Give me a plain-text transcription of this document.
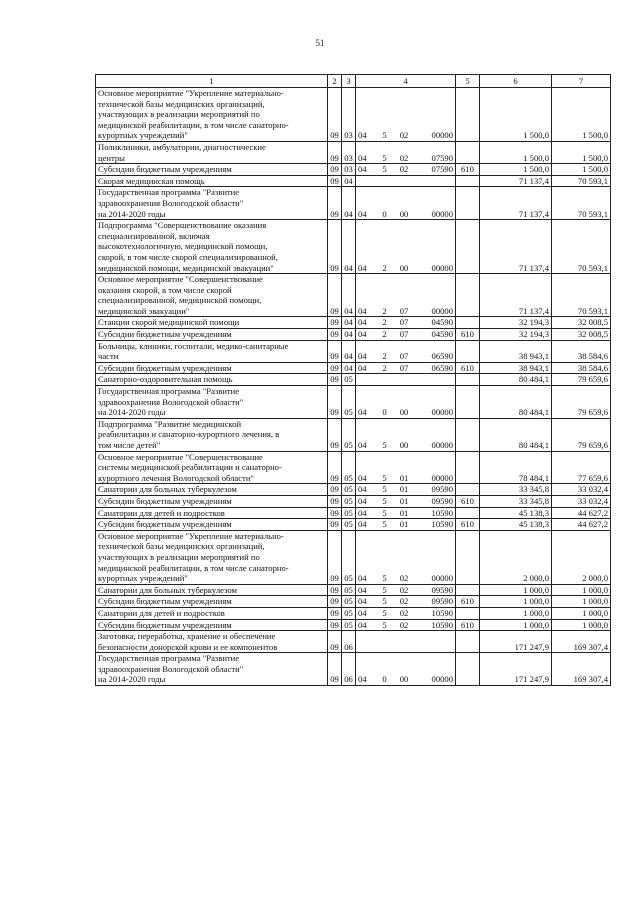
51
1	2	3	4	5	6	7
Основное мероприятие "Укрепление материально-
технической базы медицинских организаций,
участвующих в реализации мероприятий по
медицинской реабилитации, в том числе санаторно-
курортных учреждений"	09	03	04 5 02 00000		1 500,0	1 500,0
Поликлиники, амбулатории, диагностические
центры	09	03	04 5 02 07590		1 500,0	1 500,0
Субсидии бюджетным учреждениям	09	03	04 5 02 07590	610	1 500,0	1 500,0
Скорая медицинская помощь	09	04			71 137,4	70 593,1
Государственная программа "Развитие
здравоохранения Вологодской области"
на 2014-2020 годы	09	04	04 0 00 00000		71 137,4	70 593,1
Подпрограмма "Совершенствование оказания
специализированной, включая
высокотехнологичную, медицинской помощи,
скорой, в том числе скорой специализированной,
медицинской помощи, медицинской эвакуации"	09	04	04 2 00 00000		71 137,4	70 593,1
Основное мероприятие "Совершенствование
оказания скорой, в том числе скорой
специализированной, медицинской помощи,
медицинской эвакуации"	09	04	04 2 07 00000		71 137,4	70 593,1
Станции скорой медицинской помощи	09	04	04 2 07 04590		32 194,3	32 008,5
Субсидии бюджетным учреждениям	09	04	04 2 07 04590	610	32 194,3	32 008,5
Больницы, клиники, госпитали, медико-санитарные
части	09	04	04 2 07 06590		38 943,1	38 584,6
Субсидии бюджетным учреждениям	09	04	04 2 07 06590	610	38 943,1	38 584,6
Санаторно-оздоровительная помощь	09	05			80 484,1	79 659,6
Государственная программа "Развитие
здравоохранения Вологодской области"
на 2014-2020 годы	09	05	04 0 00 00000		80 484,1	79 659,6
Подпрограмма "Развитие медицинской
реабилитации и санаторно-курортного лечения, в
том числе детей"	09	05	04 5 00 00000		80 484,1	79 659,6
Основное мероприятие "Совершенствование
системы медицинской реабилитации и санаторно-
курортного лечения Вологодской области"	09	05	04 5 01 00000		78 484,1	77 659,6
Санатории для больных туберкулезом	09	05	04 5 01 09590		33 345,8	33 032,4
Субсидии бюджетным учреждениям	09	05	04 5 01 09590	610	33 345,8	33 032,4
Санатории для детей и подростков	09	05	04 5 01 10590		45 138,3	44 627,2
Субсидии бюджетным учреждениям	09	05	04 5 01 10590	610	45 138,3	44 627,2
Основное мероприятие "Укрепление материально-
технической базы медицинских организаций,
участвующих в реализации мероприятий по
медицинской реабилитации, в том числе санаторно-
курортных учреждений"	09	05	04 5 02 00000		2 000,0	2 000,0
Санатории для больных туберкулезом	09	05	04 5 02 09590		1 000,0	1 000,0
Субсидии бюджетным учреждениям	09	05	04 5 02 09590	610	1 000,0	1 000,0
Санатории для детей и подростков	09	05	04 5 02 10590		1 000,0	1 000,0
Субсидии бюджетным учреждениям	09	05	04 5 02 10590	610	1 000,0	1 000,0
Заготовка, переработка, хранение и обеспечение
безопасности донорской крови и ее компонентов	09	06			171 247,9	169 307,4
Государственная программа "Развитие
здравоохранения Вологодской области"
на 2014-2020 годы	09	06	04 0 00 00000		171 247,9	169 307,4
